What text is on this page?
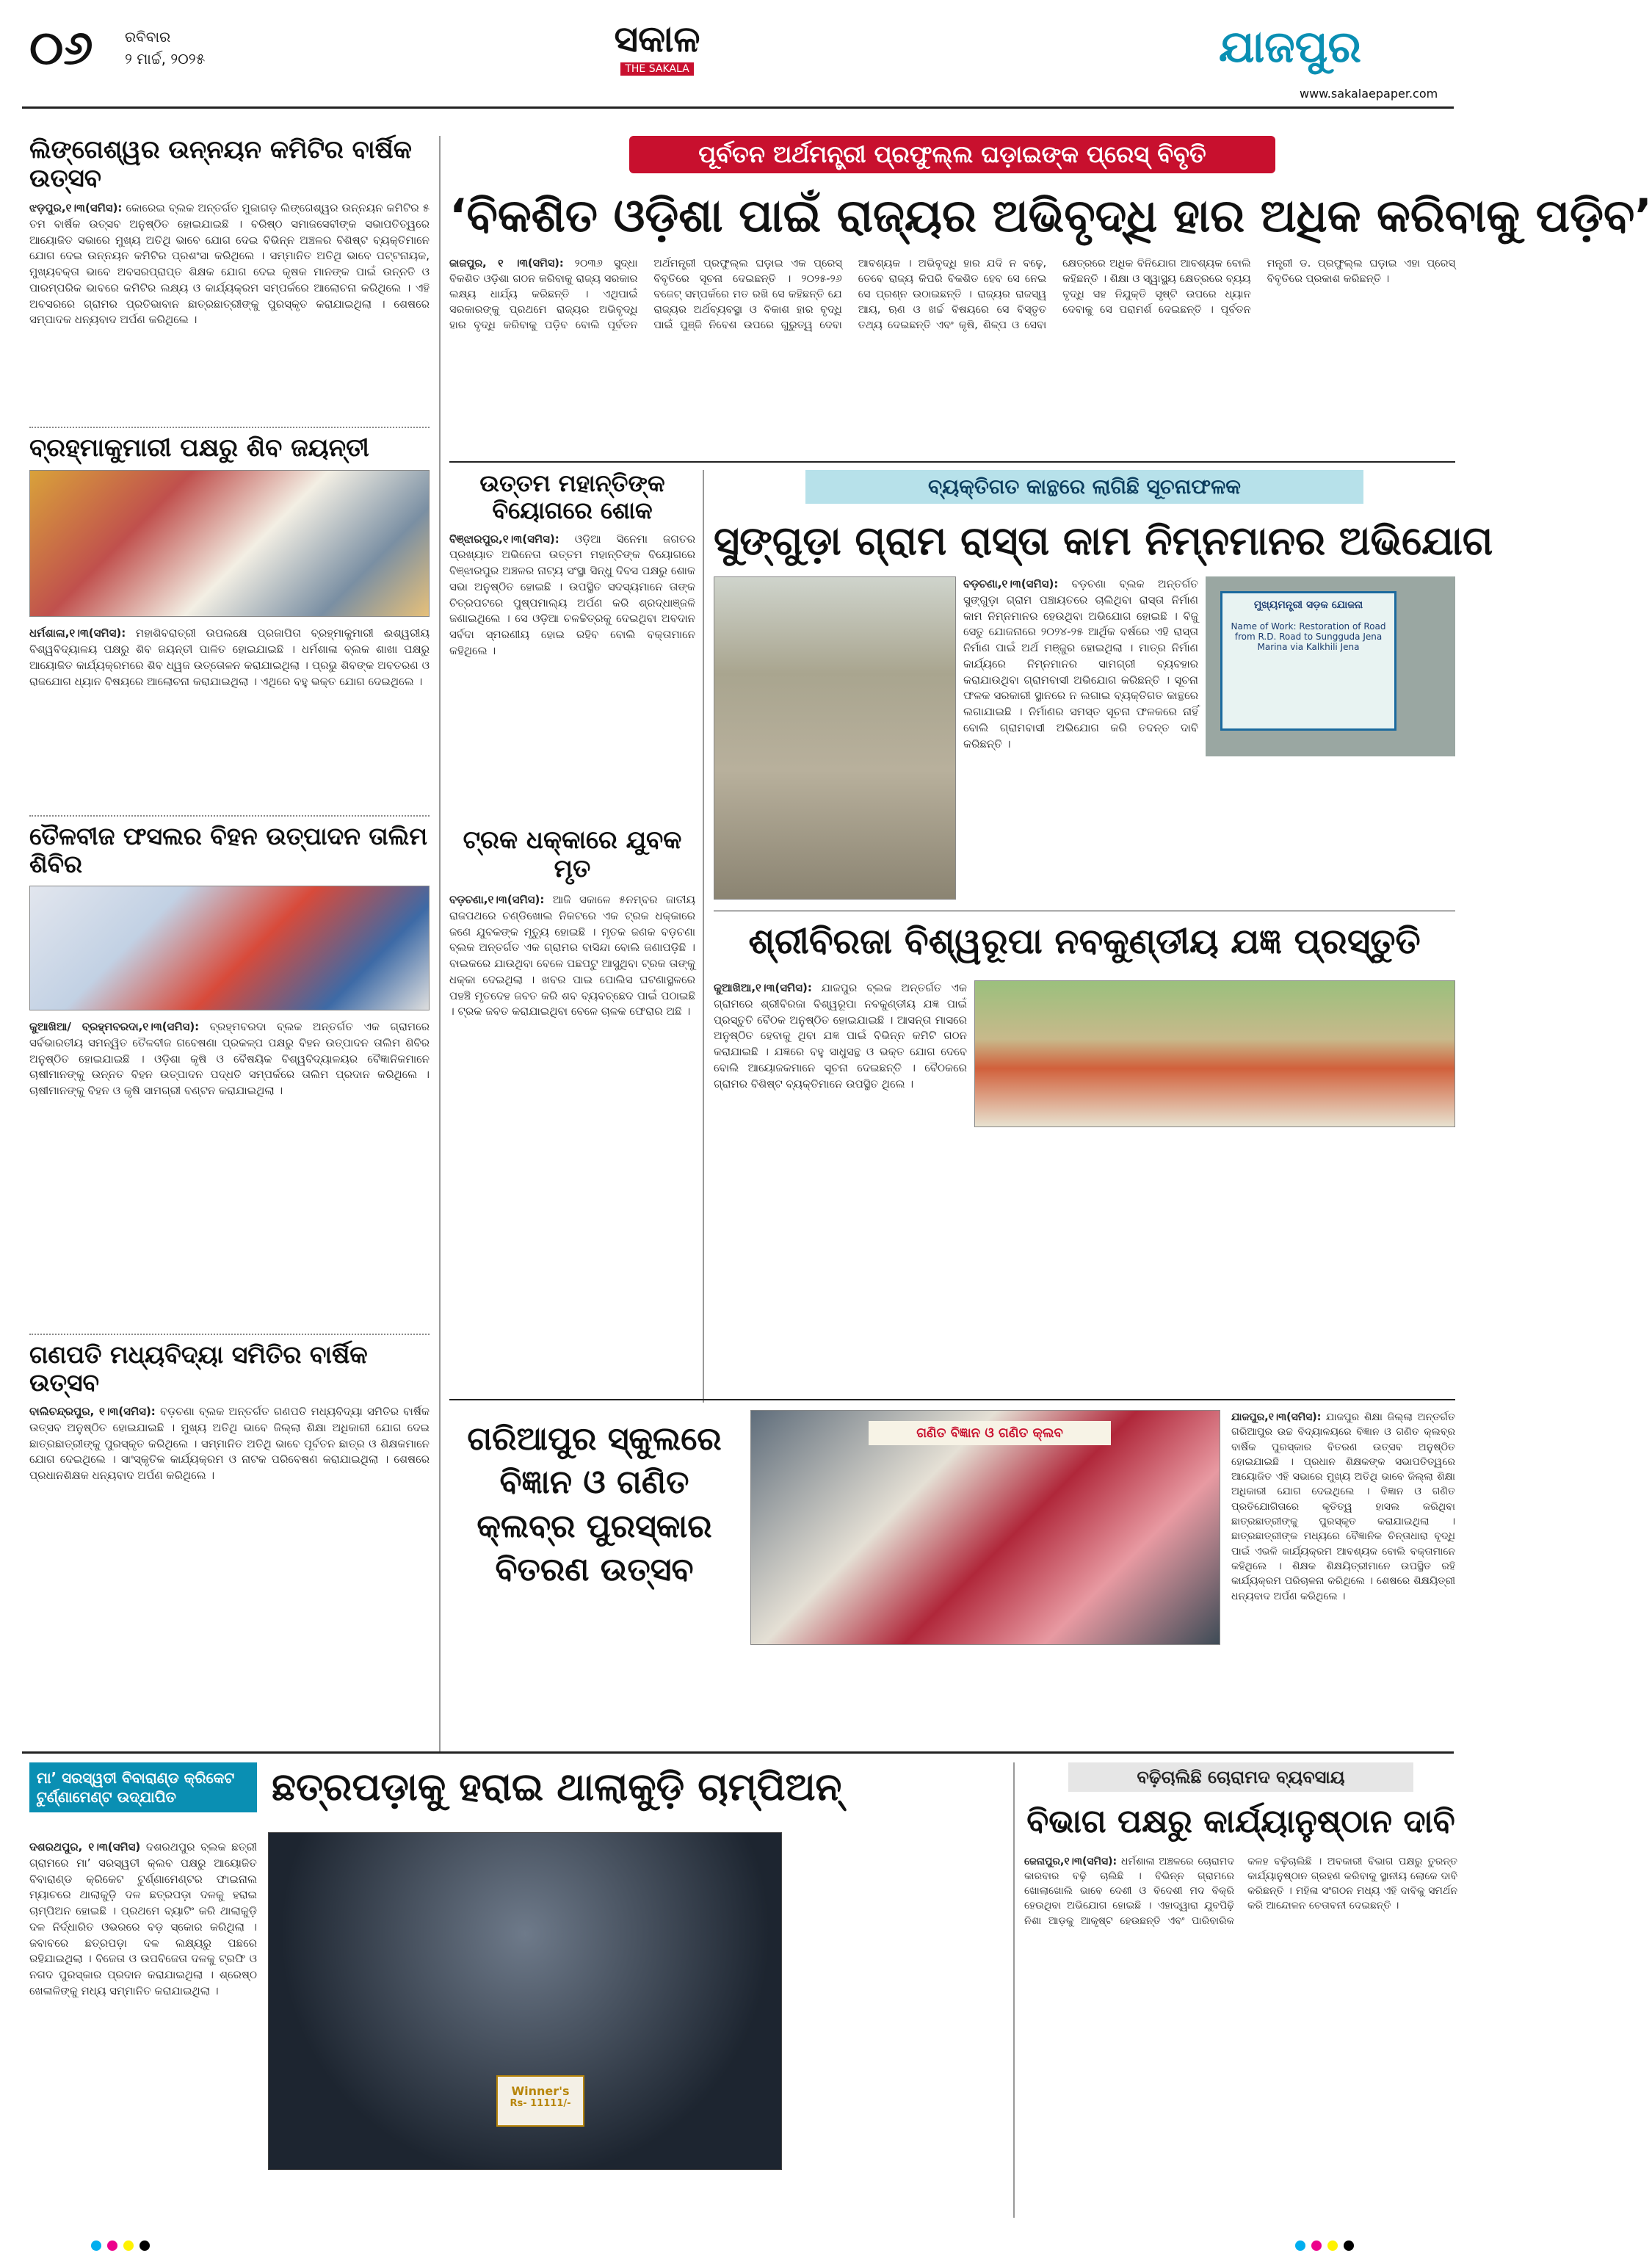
୦୬ ରବିବାର
୨ ମାର୍ଚ୍ଚ, ୨୦୨୫	ସକାଳ
THE SAKALA	ଯାଜପୁର
www.sakalaepaper.com
ଲିଙ୍ଗେଶ୍ୱର ଉନ୍ନୟନ କମିଟିର ବାର୍ଷିକ ଉତ୍ସବ
ଝଡ଼ପୁର,୧।୩(ସମିସ): କୋରେଇ ବ୍ଲକ ଅନ୍ତର୍ଗତ ମୁଜାଗଡ଼ ଲିଙ୍ଗେଶ୍ୱର ଉନ୍ନୟନ କମିଟିର ୫ ତମ ବାର୍ଷିକ ଉତ୍ସବ ଅନୁଷ୍ଠିତ ହୋଇଯାଇଛି । ବରିଷ୍ଠ ସମାଜସେବୀଙ୍କ ସଭାପତିତ୍ୱରେ ଆୟୋଜିତ ସଭାରେ ମୁଖ୍ୟ ଅତିଥି ଭାବେ ଯୋଗ ଦେଇ ବିଭିନ୍ନ ଅଞ୍ଚଳର ବିଶିଷ୍ଟ ବ୍ୟକ୍ତିମାନେ ଯୋଗ ଦେଇ ଉନ୍ନୟନ କମିଟିର ପ୍ରଶଂସା କରିଥିଲେ । ସମ୍ମାନିତ ଅତିଥି ଭାବେ ପଟ୍ଟନାୟକ, ମୁଖ୍ୟବକ୍ତା ଭାବେ ଅବସରପ୍ରାପ୍ତ ଶିକ୍ଷକ ଯୋଗ ଦେଇ କୃଷକ ମାନଙ୍କ ପାଇଁ ଉନ୍ନତି ଓ ପାରମ୍ପରିକ ଭାବରେ କମିଟିର ଲକ୍ଷ୍ୟ ଓ କାର୍ଯ୍ୟକ୍ରମ ସମ୍ପର୍କରେ ଆଲୋଚନା କରିଥିଲେ । ଏହି ଅବସରରେ ଗ୍ରାମର ପ୍ରତିଭାବାନ ଛାତ୍ରଛାତ୍ରୀଙ୍କୁ ପୁରସ୍କୃତ କରାଯାଇଥିଲା । ଶେଷରେ ସମ୍ପାଦକ ଧନ୍ୟବାଦ ଅର୍ପଣ କରିଥିଲେ ।
ବ୍ରହ୍ମାକୁମାରୀ ପକ୍ଷରୁ ଶିବ ଜୟନ୍ତୀ
ଧର୍ମଶାଳା,୧।୩(ସମିସ): ମହାଶିବରାତ୍ରୀ ଉପଲକ୍ଷେ ପ୍ରଜାପିତା ବ୍ରହ୍ମାକୁମାରୀ ଈଶ୍ୱରୀୟ ବିଶ୍ୱବିଦ୍ୟାଳୟ ପକ୍ଷରୁ ଶିବ ଜୟନ୍ତୀ ପାଳିତ ହୋଇଯାଇଛି । ଧର୍ମଶାଳା ବ୍ଲକ ଶାଖା ପକ୍ଷରୁ ଆୟୋଜିତ କାର୍ଯ୍ୟକ୍ରମରେ ଶିବ ଧ୍ୱଜ ଉତ୍ତୋଳନ କରାଯାଇଥିଲା । ପ୍ରଭୁ ଶିବଙ୍କ ଅବତରଣ ଓ ରାଜଯୋଗ ଧ୍ୟାନ ବିଷୟରେ ଆଲୋଚନା କରାଯାଇଥିଲା । ଏଥିରେ ବହୁ ଭକ୍ତ ଯୋଗ ଦେଇଥିଲେ ।
ତୈଳବୀଜ ଫସଲର ବିହନ ଉତ୍ପାଦନ ତାଲିମ ଶିବିର
କୁଆଖିଆ/ ବ୍ରହ୍ମବରଦା,୧।୩(ସମିସ): ବ୍ରହ୍ମବରଦା ବ୍ଲକ ଅନ୍ତର୍ଗତ ଏକ ଗ୍ରାମରେ ସର୍ବଭାରତୀୟ ସମନ୍ୱିତ ତୈଳବୀଜ ଗବେଷଣା ପ୍ରକଳ୍ପ ପକ୍ଷରୁ ବିହନ ଉତ୍ପାଦନ ତାଲିମ ଶିବିର ଅନୁଷ୍ଠିତ ହୋଇଯାଇଛି । ଓଡ଼ିଶା କୃଷି ଓ ବୈଷୟିକ ବିଶ୍ୱବିଦ୍ୟାଳୟର ବୈଜ୍ଞାନିକମାନେ ଚାଷୀମାନଙ୍କୁ ଉନ୍ନତ ବିହନ ଉତ୍ପାଦନ ପଦ୍ଧତି ସମ୍ପର୍କରେ ତାଲିମ ପ୍ରଦାନ କରିଥିଲେ । ଚାଷୀମାନଙ୍କୁ ବିହନ ଓ କୃଷି ସାମଗ୍ରୀ ବଣ୍ଟନ କରାଯାଇଥିଲା ।
ଗଣପତି ମଧ୍ୟବିଦ୍ୟା ସମିତିର ବାର୍ଷିକ ଉତ୍ସବ
ବାଲିଚନ୍ଦ୍ରପୁର, ୧।୩(ସମିସ): ବଡ଼ଚଣା ବ୍ଲକ ଅନ୍ତର୍ଗତ ଗଣପତି ମଧ୍ୟବିଦ୍ୟା ସମିତିର ବାର୍ଷିକ ଉତ୍ସବ ଅନୁଷ୍ଠିତ ହୋଇଯାଇଛି । ମୁଖ୍ୟ ଅତିଥି ଭାବେ ଜିଲ୍ଲା ଶିକ୍ଷା ଅଧିକାରୀ ଯୋଗ ଦେଇ ଛାତ୍ରଛାତ୍ରୀଙ୍କୁ ପୁରସ୍କୃତ କରିଥିଲେ । ସମ୍ମାନିତ ଅତିଥି ଭାବେ ପୂର୍ବତନ ଛାତ୍ର ଓ ଶିକ୍ଷକମାନେ ଯୋଗ ଦେଇଥିଲେ । ସାଂସ୍କୃତିକ କାର୍ଯ୍ୟକ୍ରମ ଓ ନାଟକ ପରିବେଷଣ କରାଯାଇଥିଲା । ଶେଷରେ ପ୍ରଧାନଶିକ୍ଷକ ଧନ୍ୟବାଦ ଅର୍ପଣ କରିଥିଲେ ।
ପୂର୍ବତନ ଅର୍ଥମନ୍ତ୍ରୀ ପ୍ରଫୁଲ୍ଲ ଘଡ଼ାଇଙ୍କ ପ୍ରେସ୍ ବିବୃତି
‘ବିକଶିତ ଓଡ଼ିଶା ପାଇଁ ରାଜ୍ୟର ଅଭିବୃଦ୍ଧି ହାର ଅଧିକ କରିବାକୁ ପଡ଼ିବ’
ଜାଜପୁର, ୧ ।୩(ସମିସ): ୨୦୩୬ ସୁଦ୍ଧା ବିକଶିତ ଓଡ଼ିଶା ଗଠନ କରିବାକୁ ରାଜ୍ୟ ସରକାର ଲକ୍ଷ୍ୟ ଧାର୍ଯ୍ୟ କରିଛନ୍ତି । ଏଥିପାଇଁ ସରକାରଙ୍କୁ ପ୍ରଥମେ ରାଜ୍ୟର ଅଭିବୃଦ୍ଧି ହାର ବୃଦ୍ଧି କରିବାକୁ ପଡ଼ିବ ବୋଲି ପୂର୍ବତନ ଅର୍ଥମନ୍ତ୍ରୀ ପ୍ରଫୁଲ୍ଲ ଘଡ଼ାଇ ଏକ ପ୍ରେସ୍ ବିବୃତିରେ ସୂଚନା ଦେଇଛନ୍ତି । ୨୦୨୫-୨୬ ବଜେଟ୍ ସମ୍ପର୍କରେ ମତ ରଖି ସେ କହିଛନ୍ତି ଯେ ରାଜ୍ୟର ଅର୍ଥବ୍ୟବସ୍ଥା ଓ ବିକାଶ ହାର ବୃଦ୍ଧି ପାଇଁ ପୁଞ୍ଜି ନିବେଶ ଉପରେ ଗୁରୁତ୍ୱ ଦେବା ଆବଶ୍ୟକ । ଅଭିବୃଦ୍ଧି ହାର ଯଦି ନ ବଢ଼େ, ତେବେ ରାଜ୍ୟ କିପରି ବିକଶିତ ହେବ ସେ ନେଇ ସେ ପ୍ରଶ୍ନ ଉଠାଇଛନ୍ତି । ରାଜ୍ୟର ରାଜସ୍ୱ ଆୟ, ଋଣ ଓ ଖର୍ଚ୍ଚ ବିଷୟରେ ସେ ବିସ୍ତୃତ ତଥ୍ୟ ଦେଇଛନ୍ତି ଏବଂ କୃଷି, ଶିଳ୍ପ ଓ ସେବା କ୍ଷେତ୍ରରେ ଅଧିକ ବିନିଯୋଗ ଆବଶ୍ୟକ ବୋଲି କହିଛନ୍ତି । ଶିକ୍ଷା ଓ ସ୍ୱାସ୍ଥ୍ୟ କ୍ଷେତ୍ରରେ ବ୍ୟୟ ବୃଦ୍ଧି ସହ ନିଯୁକ୍ତି ସୃଷ୍ଟି ଉପରେ ଧ୍ୟାନ ଦେବାକୁ ସେ ପରାମର୍ଶ ଦେଇଛନ୍ତି । ପୂର୍ବତନ ମନ୍ତ୍ରୀ ଡ. ପ୍ରଫୁଲ୍ଲ ଘଡ଼ାଇ ଏହା ପ୍ରେସ୍ ବିବୃତିରେ ପ୍ରକାଶ କରିଛନ୍ତି ।
ଉତ୍ତମ ମହାନ୍ତିଙ୍କ ବିୟୋଗରେ ଶୋକ
ବିଞ୍ଝାରପୁର,୧।୩(ସମିସ): ଓଡ଼ିଆ ସିନେମା ଜଗତର ପ୍ରଖ୍ୟାତ ଅଭିନେତା ଉତ୍ତମ ମହାନ୍ତିଙ୍କ ବିୟୋଗରେ ବିଞ୍ଝାରପୁର ଅଞ୍ଚଳର ନାଟ୍ୟ ସଂସ୍ଥା ସିନ୍ଧୁ ଦିବସ ପକ୍ଷରୁ ଶୋକ ସଭା ଅନୁଷ୍ଠିତ ହୋଇଛି । ଉପସ୍ଥିତ ସଦସ୍ୟମାନେ ତାଙ୍କ ଚିତ୍ରପଟରେ ପୁଷ୍ପମାଲ୍ୟ ଅର୍ପଣ କରି ଶ୍ରଦ୍ଧାଞ୍ଜଳି ଜଣାଇଥିଲେ । ସେ ଓଡ଼ିଆ ଚଳଚ୍ଚିତ୍ରକୁ ଦେଇଥିବା ଅବଦାନ ସର୍ବଦା ସ୍ମରଣୀୟ ହୋଇ ରହିବ ବୋଲି ବକ୍ତାମାନେ କହିଥିଲେ ।
ଟ୍ରକ ଧକ୍କାରେ ଯୁବକ ମୃତ
ବଡ଼ଚଣା,୧।୩(ସମିସ): ଆଜି ସକାଳେ ୫ନମ୍ବର ଜାତୀୟ ରାଜପଥରେ ଚଣ୍ଡିଖୋଲ ନିକଟରେ ଏକ ଟ୍ରକ ଧକ୍କାରେ ଜଣେ ଯୁବକଙ୍କ ମୃତ୍ୟୁ ହୋଇଛି । ମୃତକ ଜଣକ ବଡ଼ଚଣା ବ୍ଲକ ଅନ୍ତର୍ଗତ ଏକ ଗ୍ରାମର ବାସିନ୍ଦା ବୋଲି ଜଣାପଡ଼ିଛି । ବାଇକରେ ଯାଉଥିବା ବେଳେ ପଛପଟୁ ଆସୁଥିବା ଟ୍ରକ ତାଙ୍କୁ ଧକ୍କା ଦେଇଥିଲା । ଖବର ପାଇ ପୋଲିସ ଘଟଣାସ୍ଥଳରେ ପହଞ୍ଚି ମୃତଦେହ ଜବତ କରି ଶବ ବ୍ୟବଚ୍ଛେଦ ପାଇଁ ପଠାଇଛି । ଟ୍ରକ ଜବତ କରାଯାଇଥିବା ବେଳେ ଚାଳକ ଫେରାର ଅଛି ।
ବ୍ୟକ୍ତିଗତ କାନ୍ଥରେ ଲାଗିଛି ସୂଚନାଫଳକ
ସୁଙ୍ଗୁଡ଼ା ଗ୍ରାମ ରାସ୍ତା କାମ ନିମ୍ନମାନର ଅଭିଯୋଗ
ବଡ଼ଚଣା,୧।୩(ସମିସ): ବଡ଼ଚଣା ବ୍ଲକ ଅନ୍ତର୍ଗତ ସୁଙ୍ଗୁଡ଼ା ଗ୍ରାମ ପଞ୍ଚାୟତରେ ଚାଲିଥିବା ରାସ୍ତା ନିର୍ମାଣ କାମ ନିମ୍ନମାନର ହେଉଥିବା ଅଭିଯୋଗ ହୋଇଛି । ବିଜୁ ସେତୁ ଯୋଜନାରେ ୨୦୨୪-୨୫ ଆର୍ଥିକ ବର୍ଷରେ ଏହି ରାସ୍ତା ନିର୍ମାଣ ପାଇଁ ଅର୍ଥ ମଞ୍ଜୁର ହୋଇଥିଲା । ମାତ୍ର ନିର୍ମାଣ କାର୍ଯ୍ୟରେ ନିମ୍ନମାନର ସାମଗ୍ରୀ ବ୍ୟବହାର କରାଯାଉଥିବା ଗ୍ରାମବାସୀ ଅଭିଯୋଗ କରିଛନ୍ତି । ସୂଚନା ଫଳକ ସରକାରୀ ସ୍ଥାନରେ ନ ଲଗାଇ ବ୍ୟକ୍ତିଗତ କାନ୍ଥରେ ଲଗାଯାଇଛି । ନିର୍ମାଣର ସମସ୍ତ ସୂଚନା ଫଳକରେ ନାହିଁ ବୋଲି ଗ୍ରାମବାସୀ ଅଭିଯୋଗ କରି ତଦନ୍ତ ଦାବି କରିଛନ୍ତି ।
ମୁଖ୍ୟମନ୍ତ୍ରୀ ସଡ଼କ ଯୋଜନା
Name of Work: Restoration of Road from R.D. Road to Sungguda Jena Marina via Kalkhili Jena
ଶ୍ରୀବିରଜା ବିଶ୍ୱରୂପା ନବକୁଣ୍ଡୀୟ ଯଜ୍ଞ ପ୍ରସ୍ତୁତି
କୁଆଖିଆ,୧।୩(ସମିସ): ଯାଜପୁର ବ୍ଲକ ଅନ୍ତର୍ଗତ ଏକ ଗ୍ରାମରେ ଶ୍ରୀବିରଜା ବିଶ୍ୱରୂପା ନବକୁଣ୍ଡୀୟ ଯଜ୍ଞ ପାଇଁ ପ୍ରସ୍ତୁତି ବୈଠକ ଅନୁଷ୍ଠିତ ହୋଇଯାଇଛି । ଆସନ୍ତା ମାସରେ ଅନୁଷ୍ଠିତ ହେବାକୁ ଥିବା ଯଜ୍ଞ ପାଇଁ ବିଭିନ୍ନ କମିଟି ଗଠନ କରାଯାଇଛି । ଯଜ୍ଞରେ ବହୁ ସାଧୁସନ୍ଥ ଓ ଭକ୍ତ ଯୋଗ ଦେବେ ବୋଲି ଆୟୋଜକମାନେ ସୂଚନା ଦେଇଛନ୍ତି । ବୈଠକରେ ଗ୍ରାମର ବିଶିଷ୍ଟ ବ୍ୟକ୍ତିମାନେ ଉପସ୍ଥିତ ଥିଲେ ।
ଗରିଆପୁର ସ୍କୁଲରେ ବିଜ୍ଞାନ ଓ ଗଣିତ କ୍ଲବ୍‌ର ପୁରସ୍କାର ବିତରଣ ଉତ୍ସବ
ଗଣିତ ବିଜ୍ଞାନ ଓ ଗଣିତ କ୍ଲବ
ଯାଜପୁର,୧।୩(ସମିସ): ଯାଜପୁର ଶିକ୍ଷା ଜିଲ୍ଲା ଅନ୍ତର୍ଗତ ଗରିଆପୁର ଉଚ୍ଚ ବିଦ୍ୟାଳୟରେ ବିଜ୍ଞାନ ଓ ଗଣିତ କ୍ଲବ୍‌ର ବାର୍ଷିକ ପୁରସ୍କାର ବିତରଣ ଉତ୍ସବ ଅନୁଷ୍ଠିତ ହୋଇଯାଇଛି । ପ୍ରଧାନ ଶିକ୍ଷକଙ୍କ ସଭାପତିତ୍ୱରେ ଆୟୋଜିତ ଏହି ସଭାରେ ମୁଖ୍ୟ ଅତିଥି ଭାବେ ଜିଲ୍ଲା ଶିକ୍ଷା ଅଧିକାରୀ ଯୋଗ ଦେଇଥିଲେ । ବିଜ୍ଞାନ ଓ ଗଣିତ ପ୍ରତିଯୋଗିତାରେ କୃତିତ୍ୱ ହାସଲ କରିଥିବା ଛାତ୍ରଛାତ୍ରୀଙ୍କୁ ପୁରସ୍କୃତ କରାଯାଇଥିଲା । ଛାତ୍ରଛାତ୍ରୀଙ୍କ ମଧ୍ୟରେ ବୈଜ୍ଞାନିକ ଚିନ୍ତାଧାରା ବୃଦ୍ଧି ପାଇଁ ଏଭଳି କାର୍ଯ୍ୟକ୍ରମ ଆବଶ୍ୟକ ବୋଲି ବକ୍ତାମାନେ କହିଥିଲେ । ଶିକ୍ଷକ ଶିକ୍ଷୟିତ୍ରୀମାନେ ଉପସ୍ଥିତ ରହି କାର୍ଯ୍ୟକ୍ରମ ପରିଚାଳନା କରିଥିଲେ । ଶେଷରେ ଶିକ୍ଷୟିତ୍ରୀ ଧନ୍ୟବାଦ ଅର୍ପଣ କରିଥିଲେ ।
ମା’ ସରସ୍ୱତୀ ବିବାରାଣ୍ଡ କ୍ରିକେଟ ଟୁର୍ଣ୍ଣାମେଣ୍ଟ ଉଦ୍‌ଯାପିତ	ଛତ୍ରପଡ଼ାକୁ ହରାଇ ଥାଲାକୁଡ଼ି ଚାମ୍ପିଅନ୍
ଦଶରଥପୁର, ୧।୩(ସମିସ) ଦଶରଥପୁର ବ୍ଲକ ଛତ୍ରୀ ଗ୍ରାମରେ ମା’ ସରସ୍ୱତୀ କ୍ଲବ ପକ୍ଷରୁ ଆୟୋଜିତ ବିବାରାଣ୍ଡ କ୍ରିକେଟ ଟୁର୍ଣ୍ଣାମେଣ୍ଟର ଫାଇନାଲ ମ୍ୟାଚରେ ଥାଲାକୁଡ଼ି ଦଳ ଛତ୍ରପଡ଼ା ଦଳକୁ ହରାଇ ଚାମ୍ପିଅନ ହୋଇଛି । ପ୍ରଥମେ ବ୍ୟାଟିଂ କରି ଥାଲାକୁଡ଼ି ଦଳ ନିର୍ଦ୍ଧାରିତ ଓଭରରେ ବଡ଼ ସ୍କୋର କରିଥିଲା । ଜବାବରେ ଛତ୍ରପଡ଼ା ଦଳ ଲକ୍ଷ୍ୟରୁ ପଛରେ ରହିଯାଇଥିଲା । ବିଜେତା ଓ ଉପବିଜେତା ଦଳକୁ ଟ୍ରଫି ଓ ନଗଦ ପୁରସ୍କାର ପ୍ରଦାନ କରାଯାଇଥିଲା । ଶ୍ରେଷ୍ଠ ଖେଳାଳିଙ୍କୁ ମଧ୍ୟ ସମ୍ମାନିତ କରାଯାଇଥିଲା ।
Winner's
Rs- 11111/-
ବଢ଼ିଚାଲିଛି ଚୋରାମଦ ବ୍ୟବସାୟ
ବିଭାଗ ପକ୍ଷରୁ କାର୍ଯ୍ୟାନୁଷ୍ଠାନ ଦାବି
ଜେନାପୁର,୧।୩(ସମିସ): ଧର୍ମଶାଳା ଅଞ୍ଚଳରେ ଚୋରାମଦ କାରବାର ବଢ଼ି ଚାଲିଛି । ବିଭିନ୍ନ ଗ୍ରାମରେ ଖୋଲାଖୋଲି ଭାବେ ଦେଶୀ ଓ ବିଦେଶୀ ମଦ ବିକ୍ରି ହେଉଥିବା ଅଭିଯୋଗ ହୋଇଛି । ଏହାଦ୍ୱାରା ଯୁବପିଢ଼ି ନିଶା ଆଡ଼କୁ ଆକୃଷ୍ଟ ହେଉଛନ୍ତି ଏବଂ ପାରିବାରିକ କଳହ ବଢ଼ିଚାଲିଛି । ଅବକାରୀ ବିଭାଗ ପକ୍ଷରୁ ତୁରନ୍ତ କାର୍ଯ୍ୟାନୁଷ୍ଠାନ ଗ୍ରହଣ କରିବାକୁ ସ୍ଥାନୀୟ ଲୋକେ ଦାବି କରିଛନ୍ତି । ମହିଳା ସଂଗଠନ ମଧ୍ୟ ଏହି ଦାବିକୁ ସମର୍ଥନ କରି ଆନ୍ଦୋଳନ ଚେତାବନୀ ଦେଇଛନ୍ତି ।
